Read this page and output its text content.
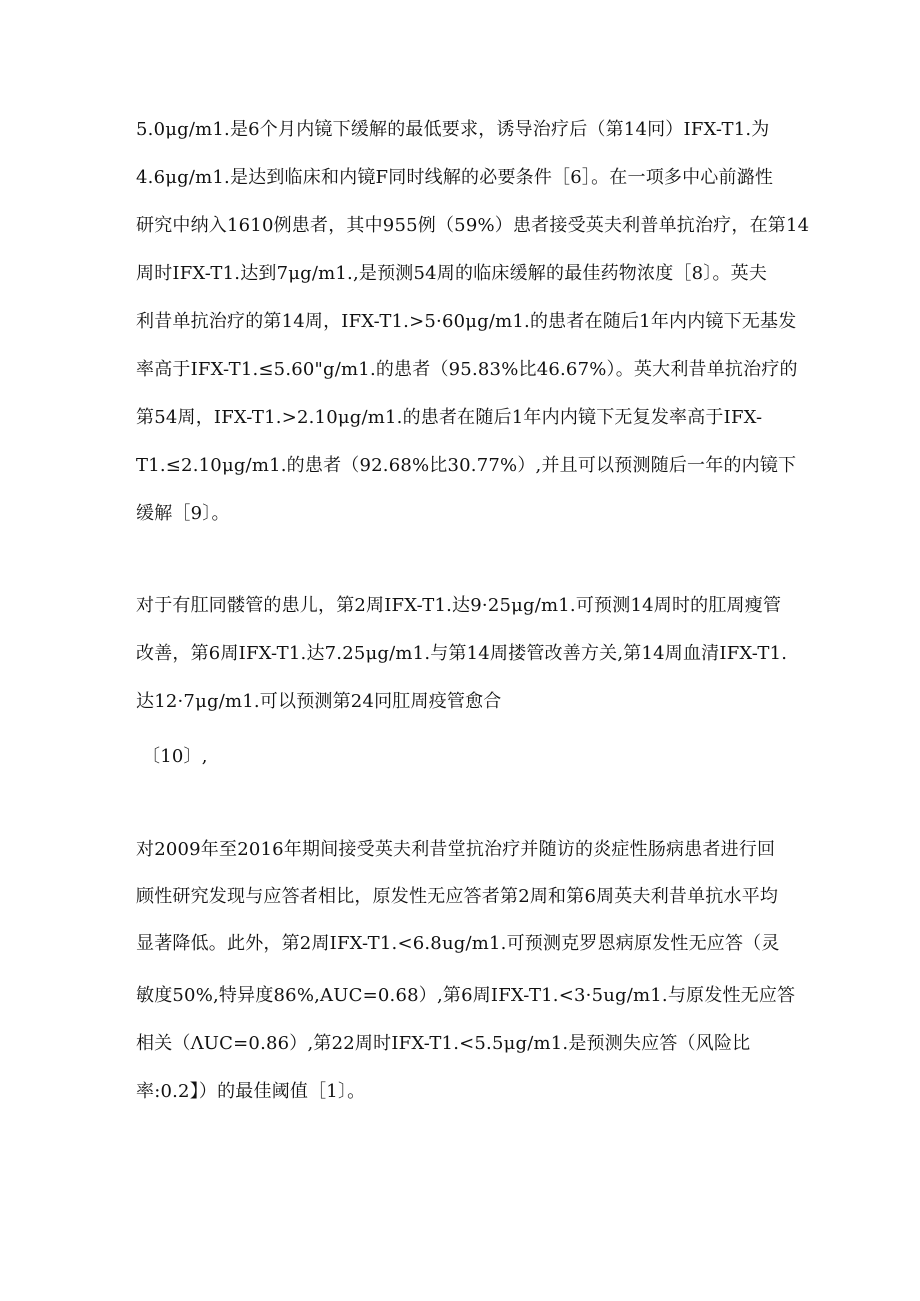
5.0μg∕m1.是6个月内镜下缓解的最低要求，诱导治疗后（第14冋）IFX-T1.为
4.6μg∕m1.是达到临床和内镜F同时线解的必要条件［6］。在一项多中心前潞性
研究中纳入1610例患者，其中955例（59%）患者接受英夫利普单抗治疗，在第14
周时IFX-T1.达到7μg∕m1.,是预测54周的临床缓解的最佳药物浓度［8〕。英夫
利昔单抗治疗的第14周，IFX-T1.>5·60μg∕m1.的患者在随后1年内内镜下无基发
率高于IFX-T1.≤5.60"g∕m1.的患者（95.83%比46.67%）。英大利昔单抗治疗的
第54周，IFX-T1.>2.10μg∕m1.的患者在随后1年内内镜下无复发率高于IFX-
T1.≤2.10μg∕m1.的患者（92.68%比30.77%）,并且可以预测随后一年的内镜下
缓解［9〕。
对于有肛同髅管的患儿，第2周IFX-T1.达9·25μg∕m1.可预测14周时的肛周瘦管
改善，第6周IFX-T1.达7.25μg∕m1.与第14周搂管改善方关,第14周血清IFX-T1.
达12·7μg∕m1.可以预测第24冋肛周疫管愈合
〔10〕,
对2009年至2016年期间接受英夫利昔堂抗治疗并随访的炎症性肠病患者进行回
顾性研究发现与应答者相比，原发性无应答者第2周和第6周英夫利昔单抗水平均
显著降低。此外，第2周IFX-T1.<6.8ug∕m1.可预测克罗恩病原发性无应答（灵
敏度50%,特异度86%,AUC=0.68）,第6周IFX-T1.<3·5ug∕m1.与原发性无应答
相关（ΛUC=0.86）,第22周时IFX-T1.<5.5μg∕m1.是预测失应答（风险比
率:0.2】）的最佳阈值［1〕。
